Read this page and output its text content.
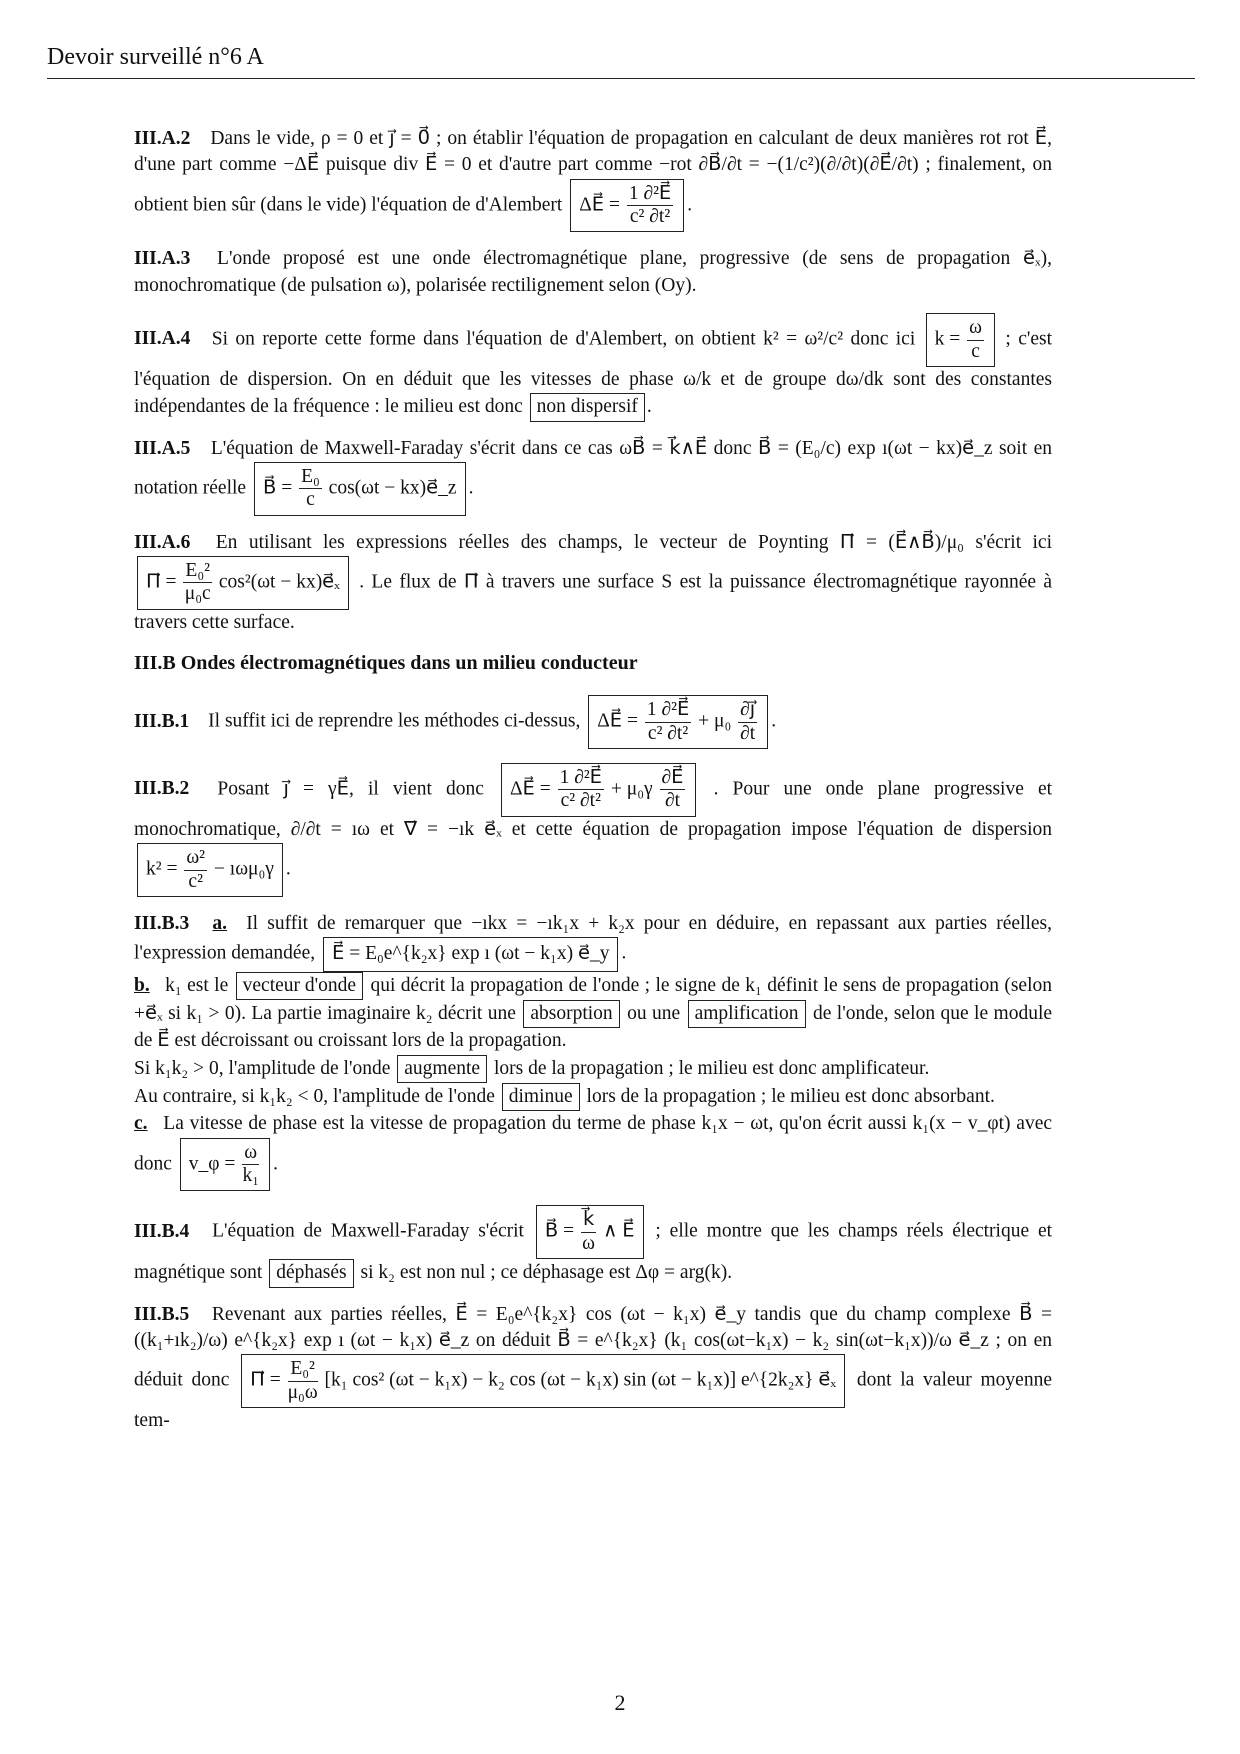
Devoir surveillé n°6 A

III.A.2 Dans le vide, ρ = 0 et j⃗ = 0⃗ ; on établir l'équation de propagation en calculant de deux manières rot rot E⃗, d'une part comme −ΔE⃗ puisque div E⃗ = 0 et d'autre part comme −rot ∂B⃗/∂t = −(1/c²)(∂/∂t)(∂E⃗/∂t) ; finalement, on obtient bien sûr (dans le vide) l'équation de d'Alembert ΔE⃗ = $\frac{\text{1 ∂²E⃗}}{\text{c² ∂t²}}$ .

III.A.3 L'onde proposé est une onde électromagnétique plane, progressive (de sens de propagation e⃗ₓ), monochromatique (de pulsation ω), polarisée rectilignement selon (Oy).

III.A.4 Si on reporte cette forme dans l'équation de d'Alembert, on obtient k² = ω²/c² donc ici $k = \frac{\omega}{c}$ ; c'est l'équation de dispersion. On en déduit que les vitesses de phase ω/k et de groupe dω/dk sont des constantes indépendantes de la fréquence : le milieu est donc non dispersif .

III.A.5 L'équation de Maxwell-Faraday s'écrit dans ce cas ωB⃗ = k⃗∧E⃗ donc B⃗ = (E₀/c) exp ı(ωt − kx)e⃗_z soit en notation réelle B⃗ = $\frac{\text{E₀}}{c} \cos(\omega t$ − kx)e⃗_z .

III.A.6 En utilisant les expressions réelles des champs, le vecteur de Poynting Π⃗ = (E⃗∧B⃗)/μ₀ s'écrit ici Π⃗ = $\frac{\text{E₀²}}{\text{μ₀c}} \cos^2(\omega t$ − kx)e⃗ₓ . Le flux de Π⃗ à travers une surface S est la puissance électromagnétique rayonnée à travers cette surface.

III.B Ondes électromagnétiques dans un milieu conducteur

III.B.1 Il suffit ici de reprendre les méthodes ci-dessus, ΔE⃗ = $\frac{\text{1 ∂²E⃗}}{\text{c² ∂t²}} + \mu_0 \frac{\partial j⃗}{\partial t}$ .

III.B.2 Posant j⃗ = γE⃗, il vient donc ΔE⃗ = $\frac{\text{1 ∂²E⃗}}{\text{c² ∂t²}} + \mu_0\gamma \frac{\partial E⃗}{\partial t}$ . Pour une onde plane progressive et monochromatique, ∂/∂t = ıω et ∇⃗ = −ık e⃗ₓ et cette équation de propagation impose l'équation de dispersion $k^2 = \frac{\text{ω²}}{\text{c²}}$ − ıωμ₀γ .

III.B.3 a. Il suffit de remarquer que −ıkx = −ık₁x + k₂x pour en déduire, en repassant aux parties réelles, l'expression demandée, E⃗ = E₀e^{k₂x} exp ı (ωt − k₁x) e⃗_y .
b. k₁ est le vecteur d'onde qui décrit la propagation de l'onde ; le signe de k₁ définit le sens de propagation (selon +e⃗ₓ si k₁ > 0). La partie imaginaire k₂ décrit une absorption ou une amplification de l'onde, selon que le module de E⃗ est décroissant ou croissant lors de la propagation.
Si k₁k₂ > 0, l'amplitude de l'onde augmente lors de la propagation ; le milieu est donc amplificateur.
Au contraire, si k₁k₂ < 0, l'amplitude de l'onde diminue lors de la propagation ; le milieu est donc absorbant.
c. La vitesse de phase est la vitesse de propagation du terme de phase k₁x − ωt, qu'on écrit aussi k₁(x − v_φt) avec donc v_φ = $\frac{\omega}{\text{k₁}}$ .

III.B.4 L'équation de Maxwell-Faraday s'écrit B⃗ = $\frac{k⃗}{\omega}$ ∧ E⃗ ; elle montre que les champs réels électrique et magnétique sont déphasés si k₂ est non nul ; ce déphasage est Δφ = arg(k).

III.B.5 Revenant aux parties réelles, E⃗ = E₀e^{k₂x} cos (ωt − k₁x) e⃗_y tandis que du champ complexe B⃗ = ((k₁+ık₂)/ω) e^{k₂x} exp ı (ωt − k₁x) e⃗_z on déduit B⃗ = e^{k₂x} (k₁ cos(ωt−k₁x) − k₂ sin(ωt−k₁x))/ω e⃗_z ; on en déduit donc Π⃗ = $\frac{\text{E₀²}}{\text{μ₀ω}} [k_1$ cos² (ωt − k₁x) − k₂ cos (ωt − k₁x) sin (ωt − k₁x)] e^{2k₂x} e⃗ₓ dont la valeur moyenne tem-

2
